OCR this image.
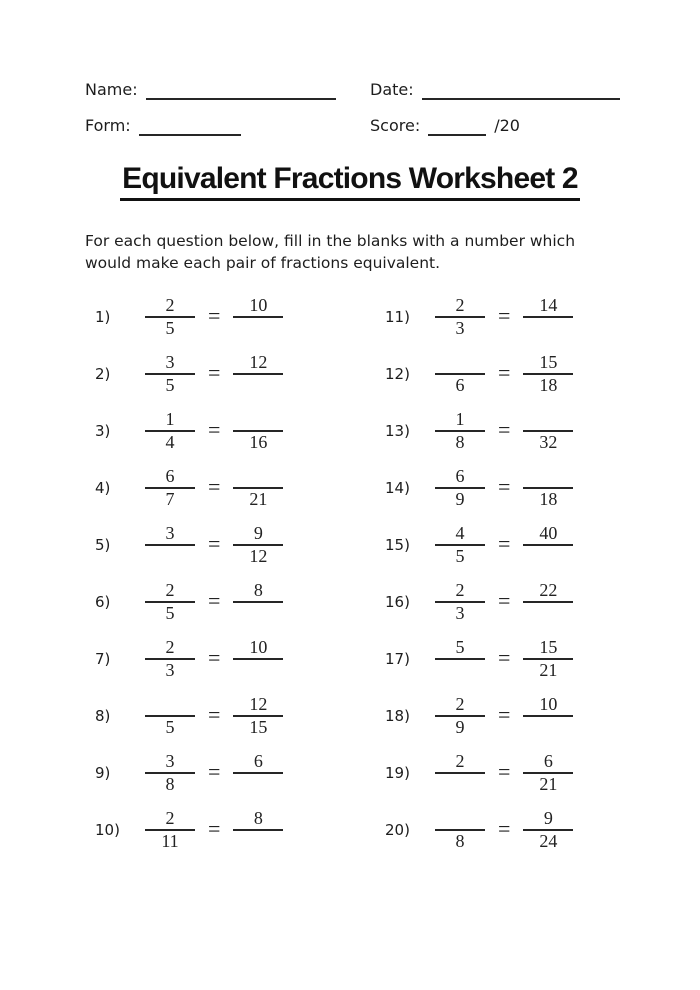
Name:	Date:
Form:	Score:	/20
Equivalent Fractions Worksheet 2

For each question below, fill in the blanks with a number which would make each pair of fractions equivalent.

1)	$\frac{2}{5} = 10$
2)	$\frac{3}{5} = 12$
3)	$\frac{1}{4} = 16$
4)	$\frac{6}{7} = 21$
5)
$3 = \frac{9}{12}$
6)	$\frac{2}{5} = 8$
7)	$\frac{2}{3} = 10$
8)
$5 = \frac{12}{15}$
9)	$\frac{3}{8} = 6$
10)	$\frac{2}{11} = 8$
11)	$\frac{2}{3} = 14$
12)
$6 = \frac{15}{18}$
13)	$\frac{1}{8} = 32$
14)	$\frac{6}{9} = 18$
15)	$\frac{4}{5} = 40$
16)	$\frac{2}{3} = 22$
17)
$5 = \frac{15}{21}$
18)	$\frac{2}{9} = 10$
19)
$2 = \frac{6}{21}$
20)
$8 = \frac{9}{24}$
